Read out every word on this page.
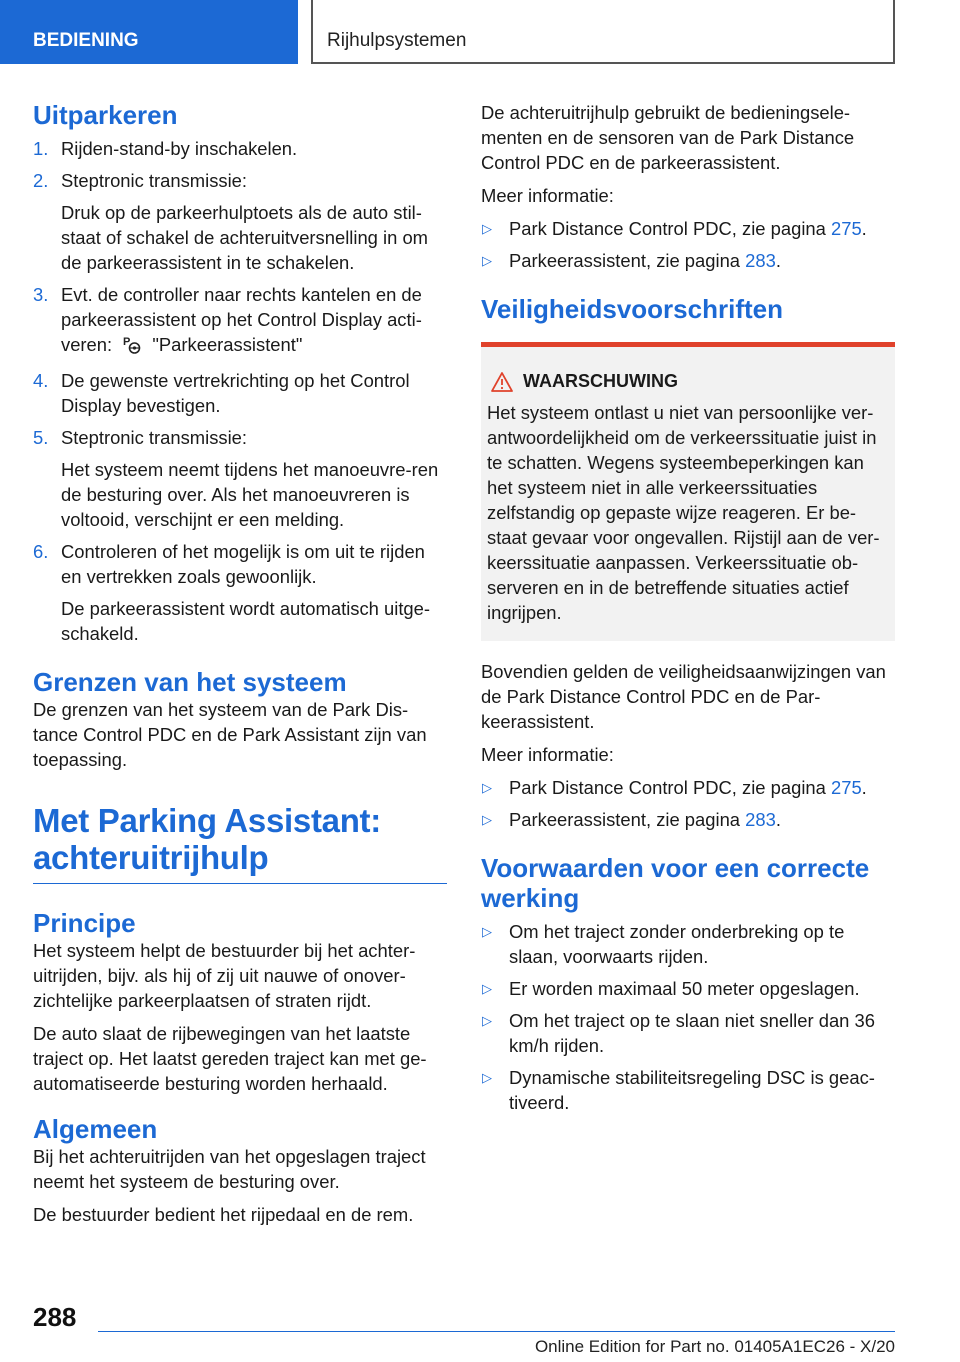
BEDIENING	Rijhulpsystemen
Uitparkeren
1. Rijden-stand-by inschakelen.
2. Steptronic transmissie:
Druk op de parkeerhulptoets als de auto stil-staat of schakel de achteruitversnelling in om de parkeerassistent in te schakelen.
3. Evt. de controller naar rechts kantelen en de parkeerassistent op het Control Display acti-veren: P "Parkeerassistent"
4. De gewenste vertrekrichting op het Control Display bevestigen.
5. Steptronic transmissie:
Het systeem neemt tijdens het manoeuvre-ren de besturing over. Als het manoeuvreren is voltooid, verschijnt er een melding.
6. Controleren of het mogelijk is om uit te rijden en vertrekken zoals gewoonlijk.
De parkeerassistent wordt automatisch uitge-schakeld.
Grenzen van het systeem

De grenzen van het systeem van de Park Dis-tance Control PDC en de Park Assistant zijn van toepassing.

Met Parking Assistant: achteruitrijhulp
Principe

Het systeem helpt de bestuurder bij het achter-uitrijden, bijv. als hij of zij uit nauwe of onover-zichtelijke parkeerplaatsen of straten rijdt.

De auto slaat de rijbewegingen van het laatste traject op. Het laatst gereden traject kan met ge-automatiseerde besturing worden herhaald.

Algemeen

Bij het achteruitrijden van het opgeslagen traject neemt het systeem de besturing over.

De bestuurder bedient het rijpedaal en de rem.

De achteruitrijhulp gebruikt de bedieningsele-menten en de sensoren van de Park Distance Control PDC en de parkeerassistent.

Meer informatie:

▷ Park Distance Control PDC, zie pagina 275.
▷ Parkeerassistent, zie pagina 283.
Veiligheidsvoorschriften
WAARSCHUWING

Het systeem ontlast u niet van persoonlijke ver-antwoordelijkheid om de verkeerssituatie juist in te schatten. Wegens systeembeperkingen kan het systeem niet in alle verkeerssituaties zelfstandig op gepaste wijze reageren. Er be-staat gevaar voor ongevallen. Rijstijl aan de ver-keerssituatie aanpassen. Verkeerssituatie ob-serveren en in de betreffende situaties actief ingrijpen.

Bovendien gelden de veiligheidsaanwijzingen van de Park Distance Control PDC en de Par-keerassistent.

Meer informatie:

▷ Park Distance Control PDC, zie pagina 275.
▷ Parkeerassistent, zie pagina 283.
Voorwaarden voor een correcte werking
▷ Om het traject zonder onderbreking op te slaan, voorwaarts rijden.
▷ Er worden maximaal 50 meter opgeslagen.
▷ Om het traject op te slaan niet sneller dan 36 km/h rijden.
▷ Dynamische stabiliteitsregeling DSC is geac-tiveerd.
288
Online Edition for Part no. 01405A1EC26 - X/20
